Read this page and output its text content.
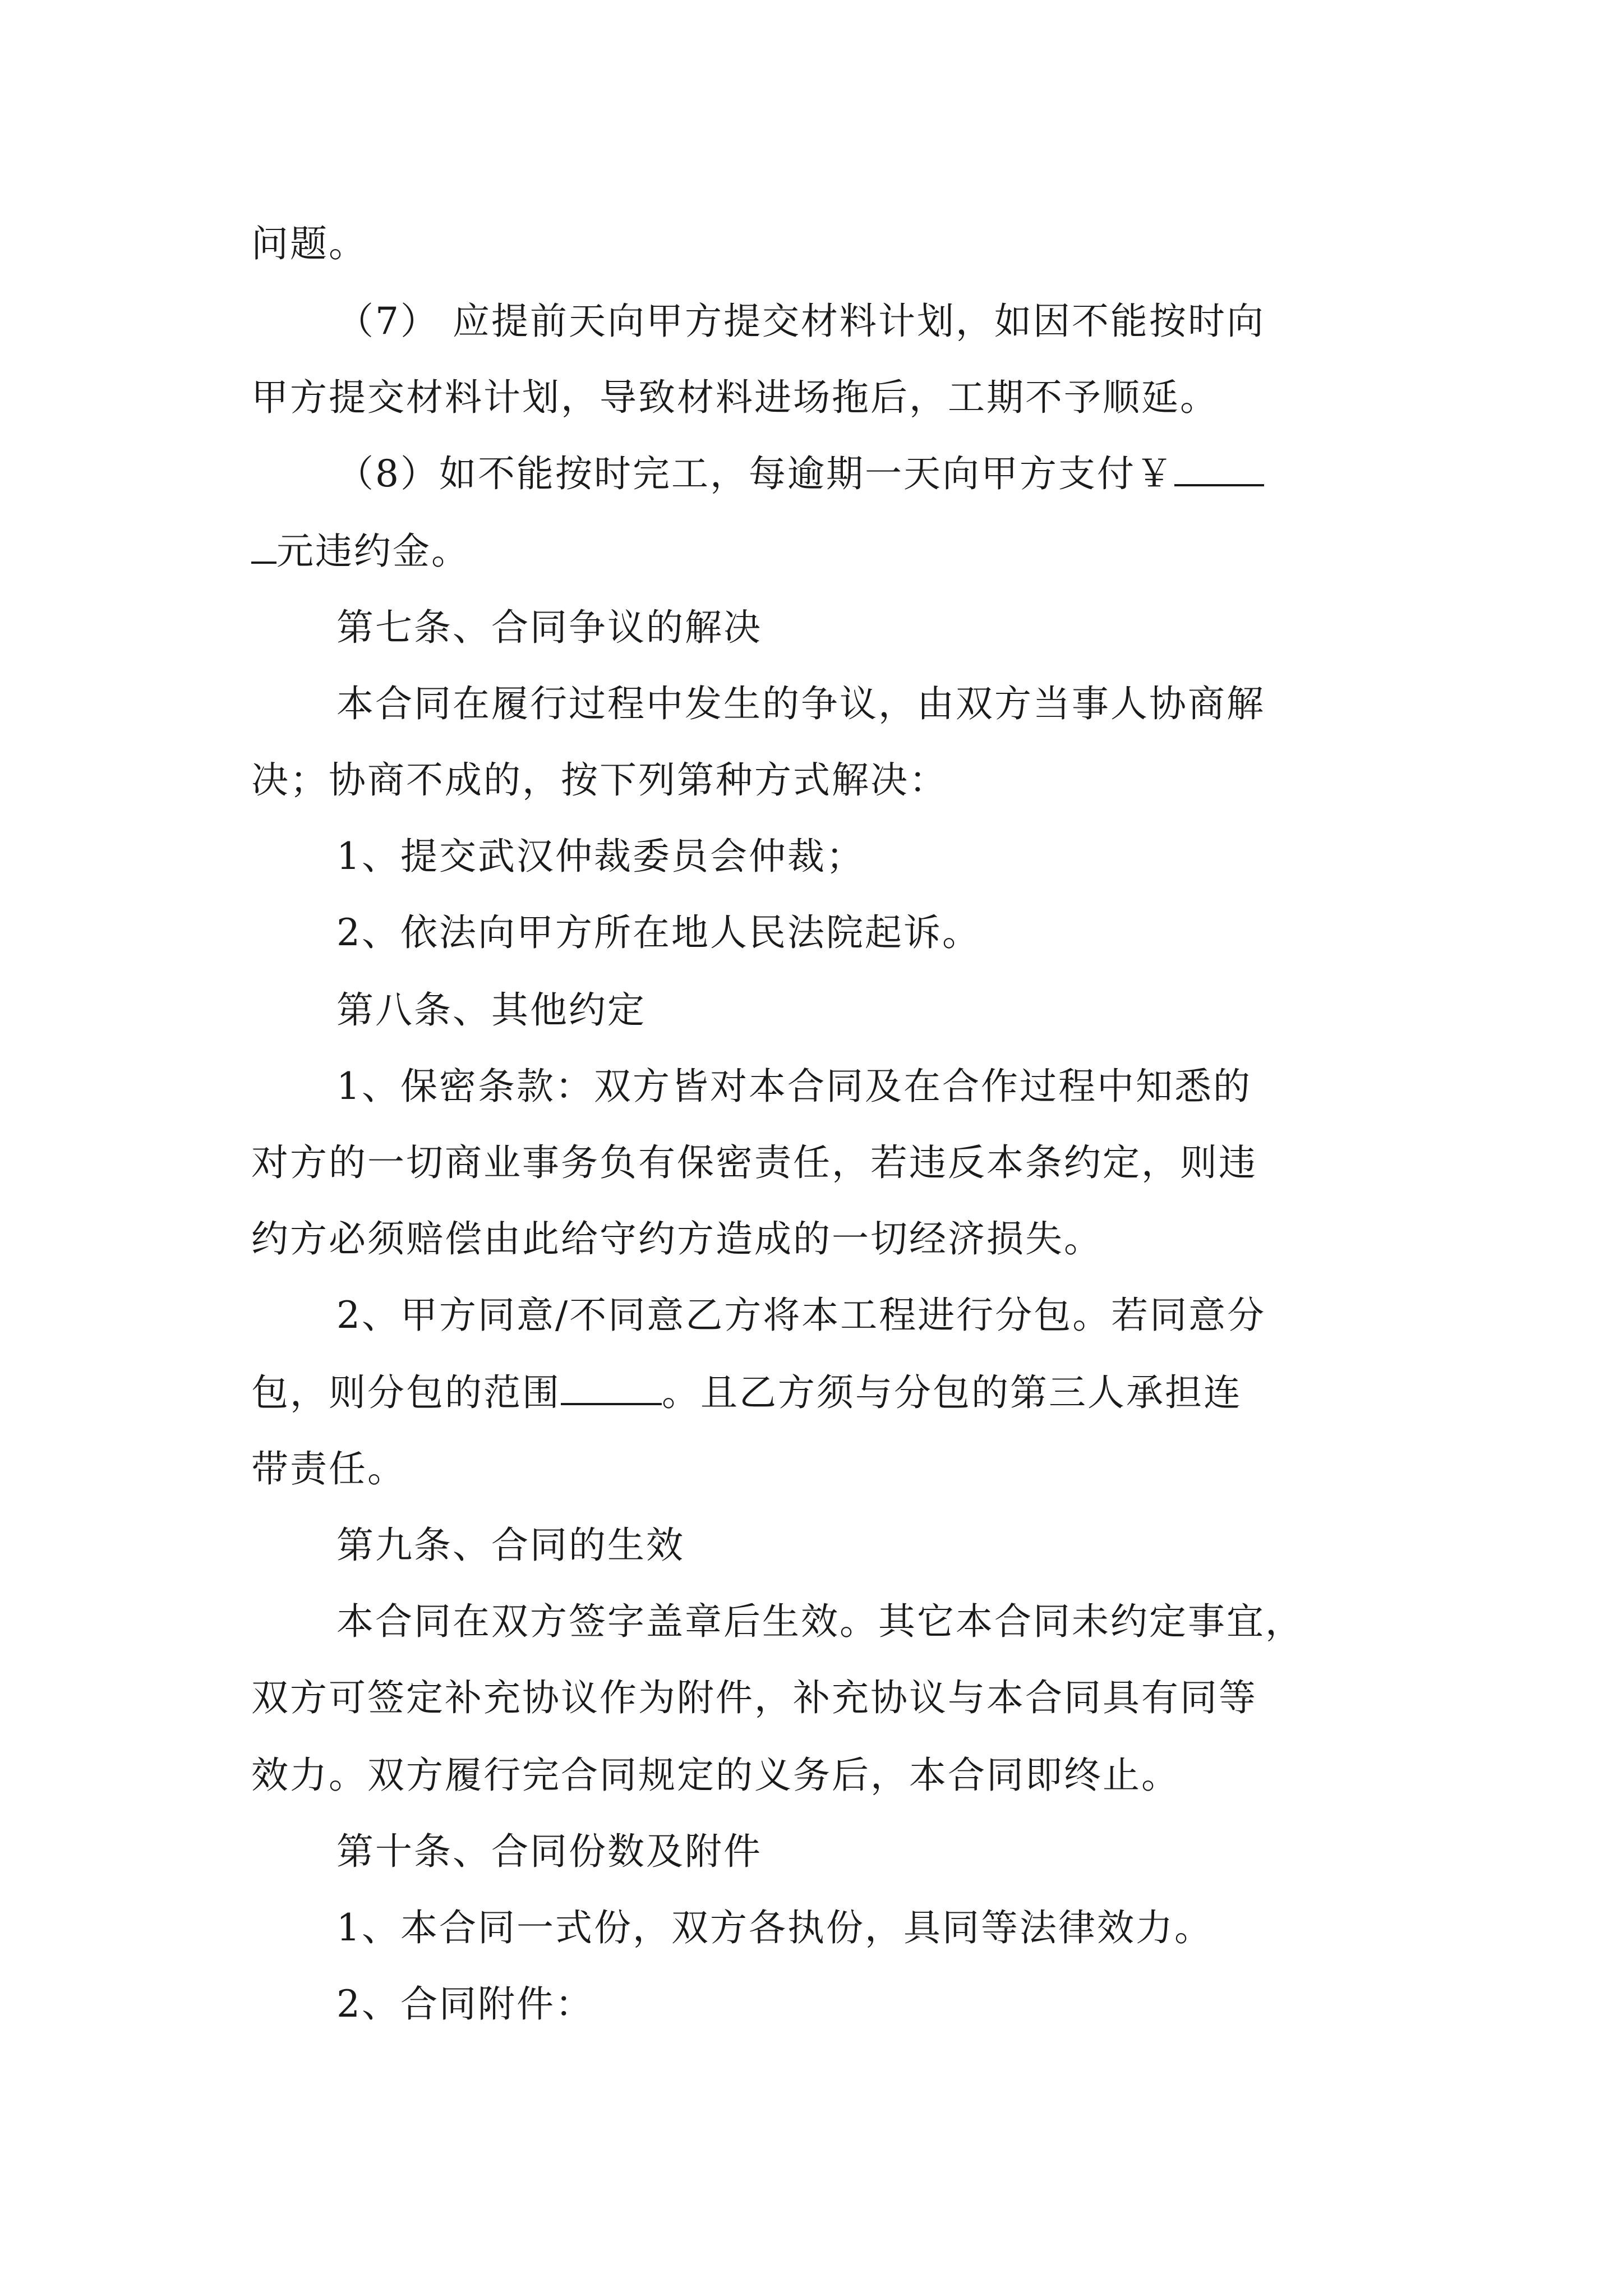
问题。
（7） 应提前天向甲方提交材料计划，如因不能按时向
甲方提交材料计划，导致材料进场拖后，工期不予顺延。
（8）如不能按时完工，每逾期一天向甲方支付￥
元违约金。
第七条、合同争议的解决
本合同在履行过程中发生的争议，由双方当事人协商解
决；协商不成的，按下列第种方式解决：
1、提交武汉仲裁委员会仲裁；
2、依法向甲方所在地人民法院起诉。
第八条、其他约定
1、保密条款：双方皆对本合同及在合作过程中知悉的
对方的一切商业事务负有保密责任，若违反本条约定，则违
约方必须赔偿由此给守约方造成的一切经济损失。
2、甲方同意/不同意乙方将本工程进行分包。若同意分
包，则分包的范围	。且乙方须与分包的第三人承担连
带责任。
第九条、合同的生效
本合同在双方签字盖章后生效。其它本合同未约定事宜，
双方可签定补充协议作为附件，补充协议与本合同具有同等
效力。双方履行完合同规定的义务后，本合同即终止。
第十条、合同份数及附件
1、本合同一式份，双方各执份，具同等法律效力。
2、合同附件：
